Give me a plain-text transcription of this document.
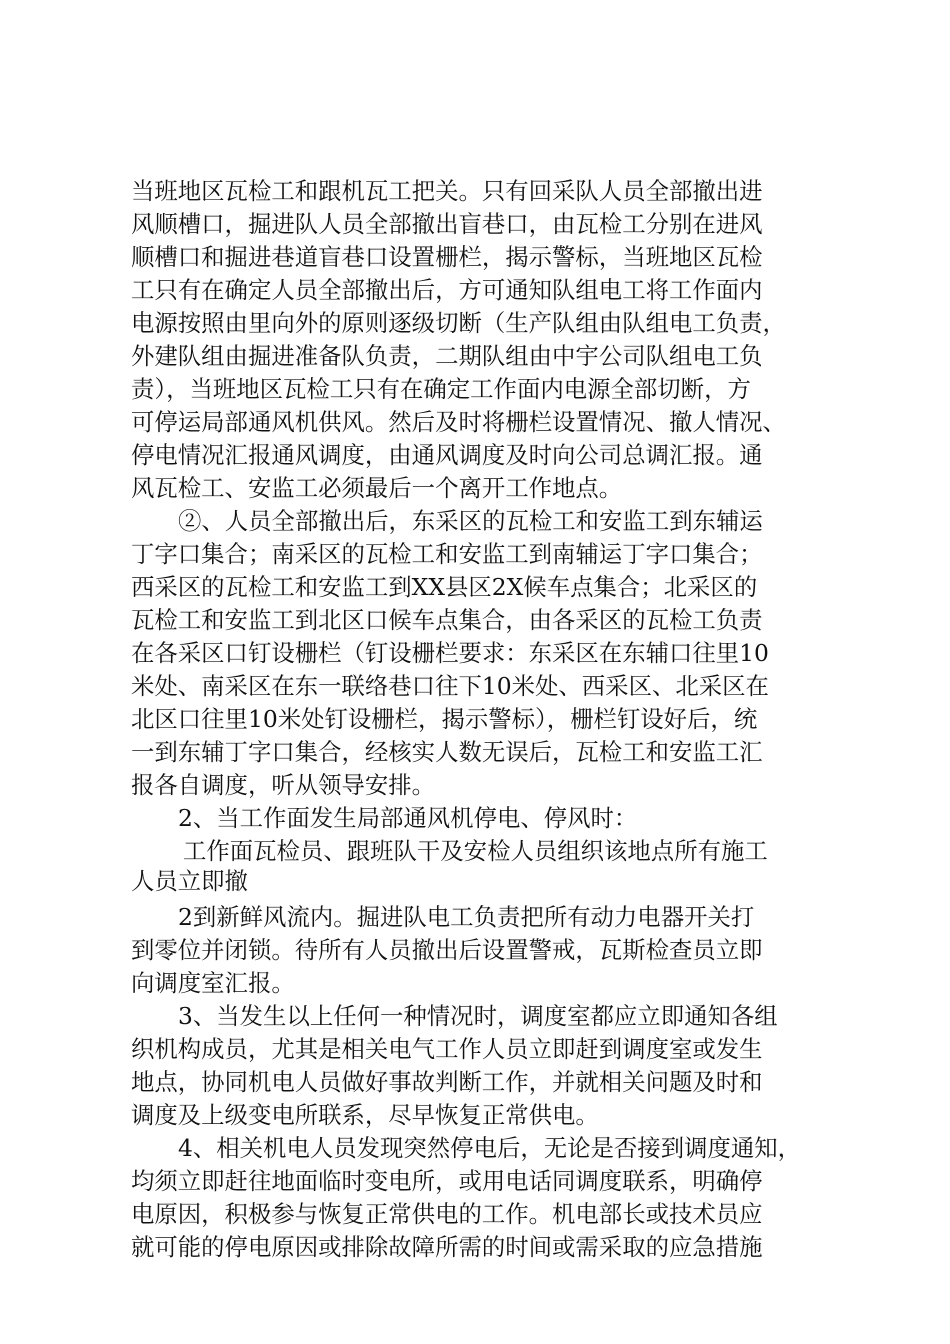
当班地区瓦检工和跟机瓦工把关。只有回采队人员全部撤出进

风顺槽口，掘进队人员全部撤出盲巷口，由瓦检工分别在进风

顺槽口和掘进巷道盲巷口设置栅栏，揭示警标，当班地区瓦检

工只有在确定人员全部撤出后，方可通知队组电工将工作面内

电源按照由里向外的原则逐级切断（生产队组由队组电工负责，

外建队组由掘进准备队负责，二期队组由中宇公司队组电工负

责），当班地区瓦检工只有在确定工作面内电源全部切断，方

可停运局部通风机供风。然后及时将栅栏设置情况、撤人情况、

停电情况汇报通风调度，由通风调度及时向公司总调汇报。通

风瓦检工、安监工必须最后一个离开工作地点。

②、人员全部撤出后，东采区的瓦检工和安监工到东辅运

丁字口集合；南采区的瓦检工和安监工到南辅运丁字口集合；

西采区的瓦检工和安监工到XX县区2X候车点集合；北采区的

瓦检工和安监工到北区口候车点集合，由各采区的瓦检工负责

在各采区口钉设栅栏（钉设栅栏要求：东采区在东辅口往里10

米处、南采区在东一联络巷口往下10米处、西采区、北采区在

北区口往里10米处钉设栅栏，揭示警标），栅栏钉设好后，统

一到东辅丁字口集合，经核实人数无误后，瓦检工和安监工汇

报各自调度，听从领导安排。

2、当工作面发生局部通风机停电、停风时：

工作面瓦检员、跟班队干及安检人员组织该地点所有施工

人员立即撤

2到新鲜风流内。掘进队电工负责把所有动力电器开关打

到零位并闭锁。待所有人员撤出后设置警戒，瓦斯检查员立即

向调度室汇报。

3、当发生以上任何一种情况时，调度室都应立即通知各组

织机构成员，尤其是相关电气工作人员立即赶到调度室或发生

地点，协同机电人员做好事故判断工作，并就相关问题及时和

调度及上级变电所联系，尽早恢复正常供电。

4、相关机电人员发现突然停电后，无论是否接到调度通知，

均须立即赶往地面临时变电所，或用电话同调度联系，明确停

电原因，积极参与恢复正常供电的工作。机电部长或技术员应

就可能的停电原因或排除故障所需的时间或需采取的应急措施
